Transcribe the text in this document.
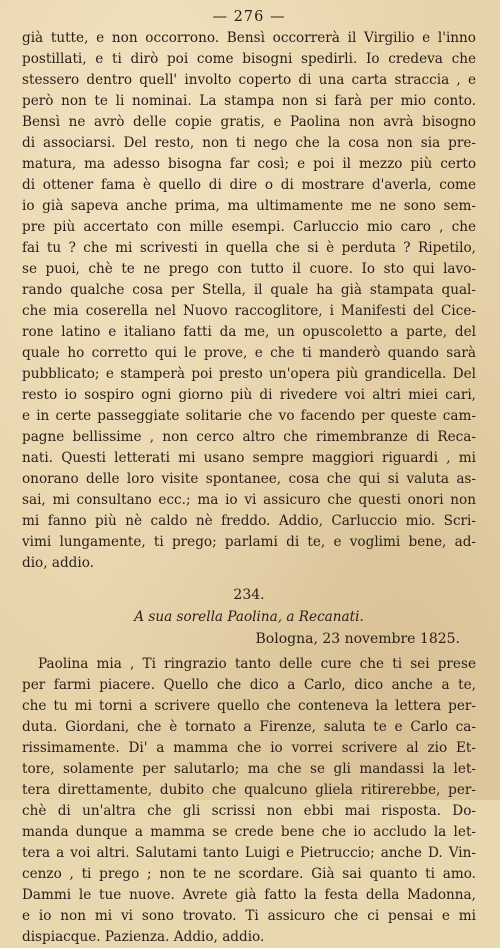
— 276 —
già tutte, e non occorrono. Bensì occorrerà il Virgilio e l'inno
postillati, e ti dirò poi come bisogni spedirli. Io credeva che
stessero dentro quell' involto coperto di una carta straccia , e
però non te li nominai. La stampa non si farà per mio conto.
Bensì ne avrò delle copie gratis, e Paolina non avrà bisogno
di associarsi. Del resto, non ti nego che la cosa non sia pre-
matura, ma adesso bisogna far così; e poi il mezzo più certo
di ottener fama è quello di dire o di mostrare d'averla, come
io già sapeva anche prima, ma ultimamente me ne sono sem-
pre più accertato con mille esempi. Carluccio mio caro , che
fai tu ? che mi scrivesti in quella che si è perduta ? Ripetilo,
se puoi, chè te ne prego con tutto il cuore. Io sto qui lavo-
rando qualche cosa per Stella, il quale ha già stampata qual-
che mia coserella nel Nuovo raccoglitore, i Manifesti del Cice-
rone latino e italiano fatti da me, un opuscoletto a parte, del
quale ho corretto qui le prove, e che ti manderò quando sarà
pubblicato; e stamperà poi presto un'opera più grandicella. Del
resto io sospiro ogni giorno più di rivedere voi altri miei cari,
e in certe passeggiate solitarie che vo facendo per queste cam-
pagne bellissime , non cerco altro che rimembranze di Reca-
nati. Questi letterati mi usano sempre maggiori riguardi , mi
onorano delle loro visite spontanee, cosa che qui si valuta as-
sai, mi consultano ecc.; ma io vi assicuro che questi onori non
mi fanno più nè caldo nè freddo. Addio, Carluccio mio. Scri-
vimi lungamente, ti prego; parlami di te, e voglimi bene, ad-
dio, addio.
234.
A sua sorella Paolina, a Recanati.
Bologna, 23 novembre 1825.
Paolina mia , Ti ringrazio tanto delle cure che ti sei prese
per farmi piacere. Quello che dico a Carlo, dico anche a te,
che tu mi torni a scrivere quello che conteneva la lettera per-
duta. Giordani, che è tornato a Firenze, saluta te e Carlo ca-
rissimamente. Di' a mamma che io vorrei scrivere al zio Et-
tore, solamente per salutarlo; ma che se gli mandassi la let-
tera direttamente, dubito che qualcuno gliela ritirerebbe, per-
chè di un'altra che gli scrissi non ebbi mai risposta. Do-
manda dunque a mamma se crede bene che io accludo la let-
tera a voi altri. Salutami tanto Luigi e Pietruccio; anche D. Vin-
cenzo , ti prego ; non te ne scordare. Già sai quanto ti amo.
Dammi le tue nuove. Avrete già fatto la festa della Madonna,
e io non mi vi sono trovato. Ti assicuro che ci pensai e mi
dispiacque. Pazienza. Addio, addio.
